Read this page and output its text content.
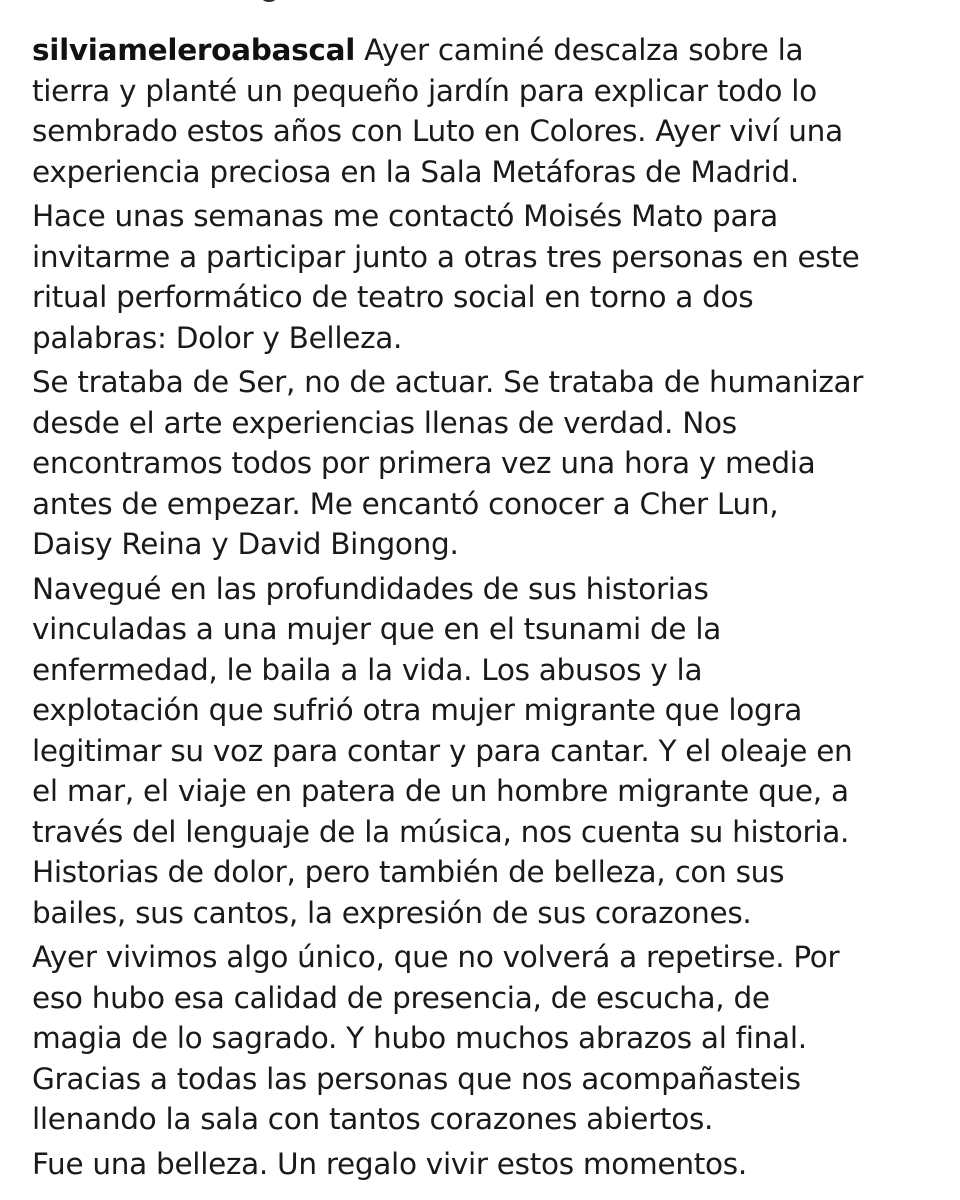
silviameleroabascal Ayer caminé descalza sobre la
tierra y planté un pequeño jardín para explicar todo lo
sembrado estos años con Luto en Colores. Ayer viví una
experiencia preciosa en la Sala Metáforas de Madrid.

Hace unas semanas me contactó Moisés Mato para
invitarme a participar junto a otras tres personas en este
ritual performático de teatro social en torno a dos
palabras: Dolor y Belleza.

Se trataba de Ser, no de actuar. Se trataba de humanizar
desde el arte experiencias llenas de verdad. Nos
encontramos todos por primera vez una hora y media
antes de empezar. Me encantó conocer a Cher Lun,
Daisy Reina y David Bingong.

Navegué en las profundidades de sus historias
vinculadas a una mujer que en el tsunami de la
enfermedad, le baila a la vida. Los abusos y la
explotación que sufrió otra mujer migrante que logra
legitimar su voz para contar y para cantar. Y el oleaje en
el mar, el viaje en patera de un hombre migrante que, a
través del lenguaje de la música, nos cuenta su historia.
Historias de dolor, pero también de belleza, con sus
bailes, sus cantos, la expresión de sus corazones.

Ayer vivimos algo único, que no volverá a repetirse. Por
eso hubo esa calidad de presencia, de escucha, de
magia de lo sagrado. Y hubo muchos abrazos al final.
Gracias a todas las personas que nos acompañasteis
llenando la sala con tantos corazones abiertos.

Fue una belleza. Un regalo vivir estos momentos.
